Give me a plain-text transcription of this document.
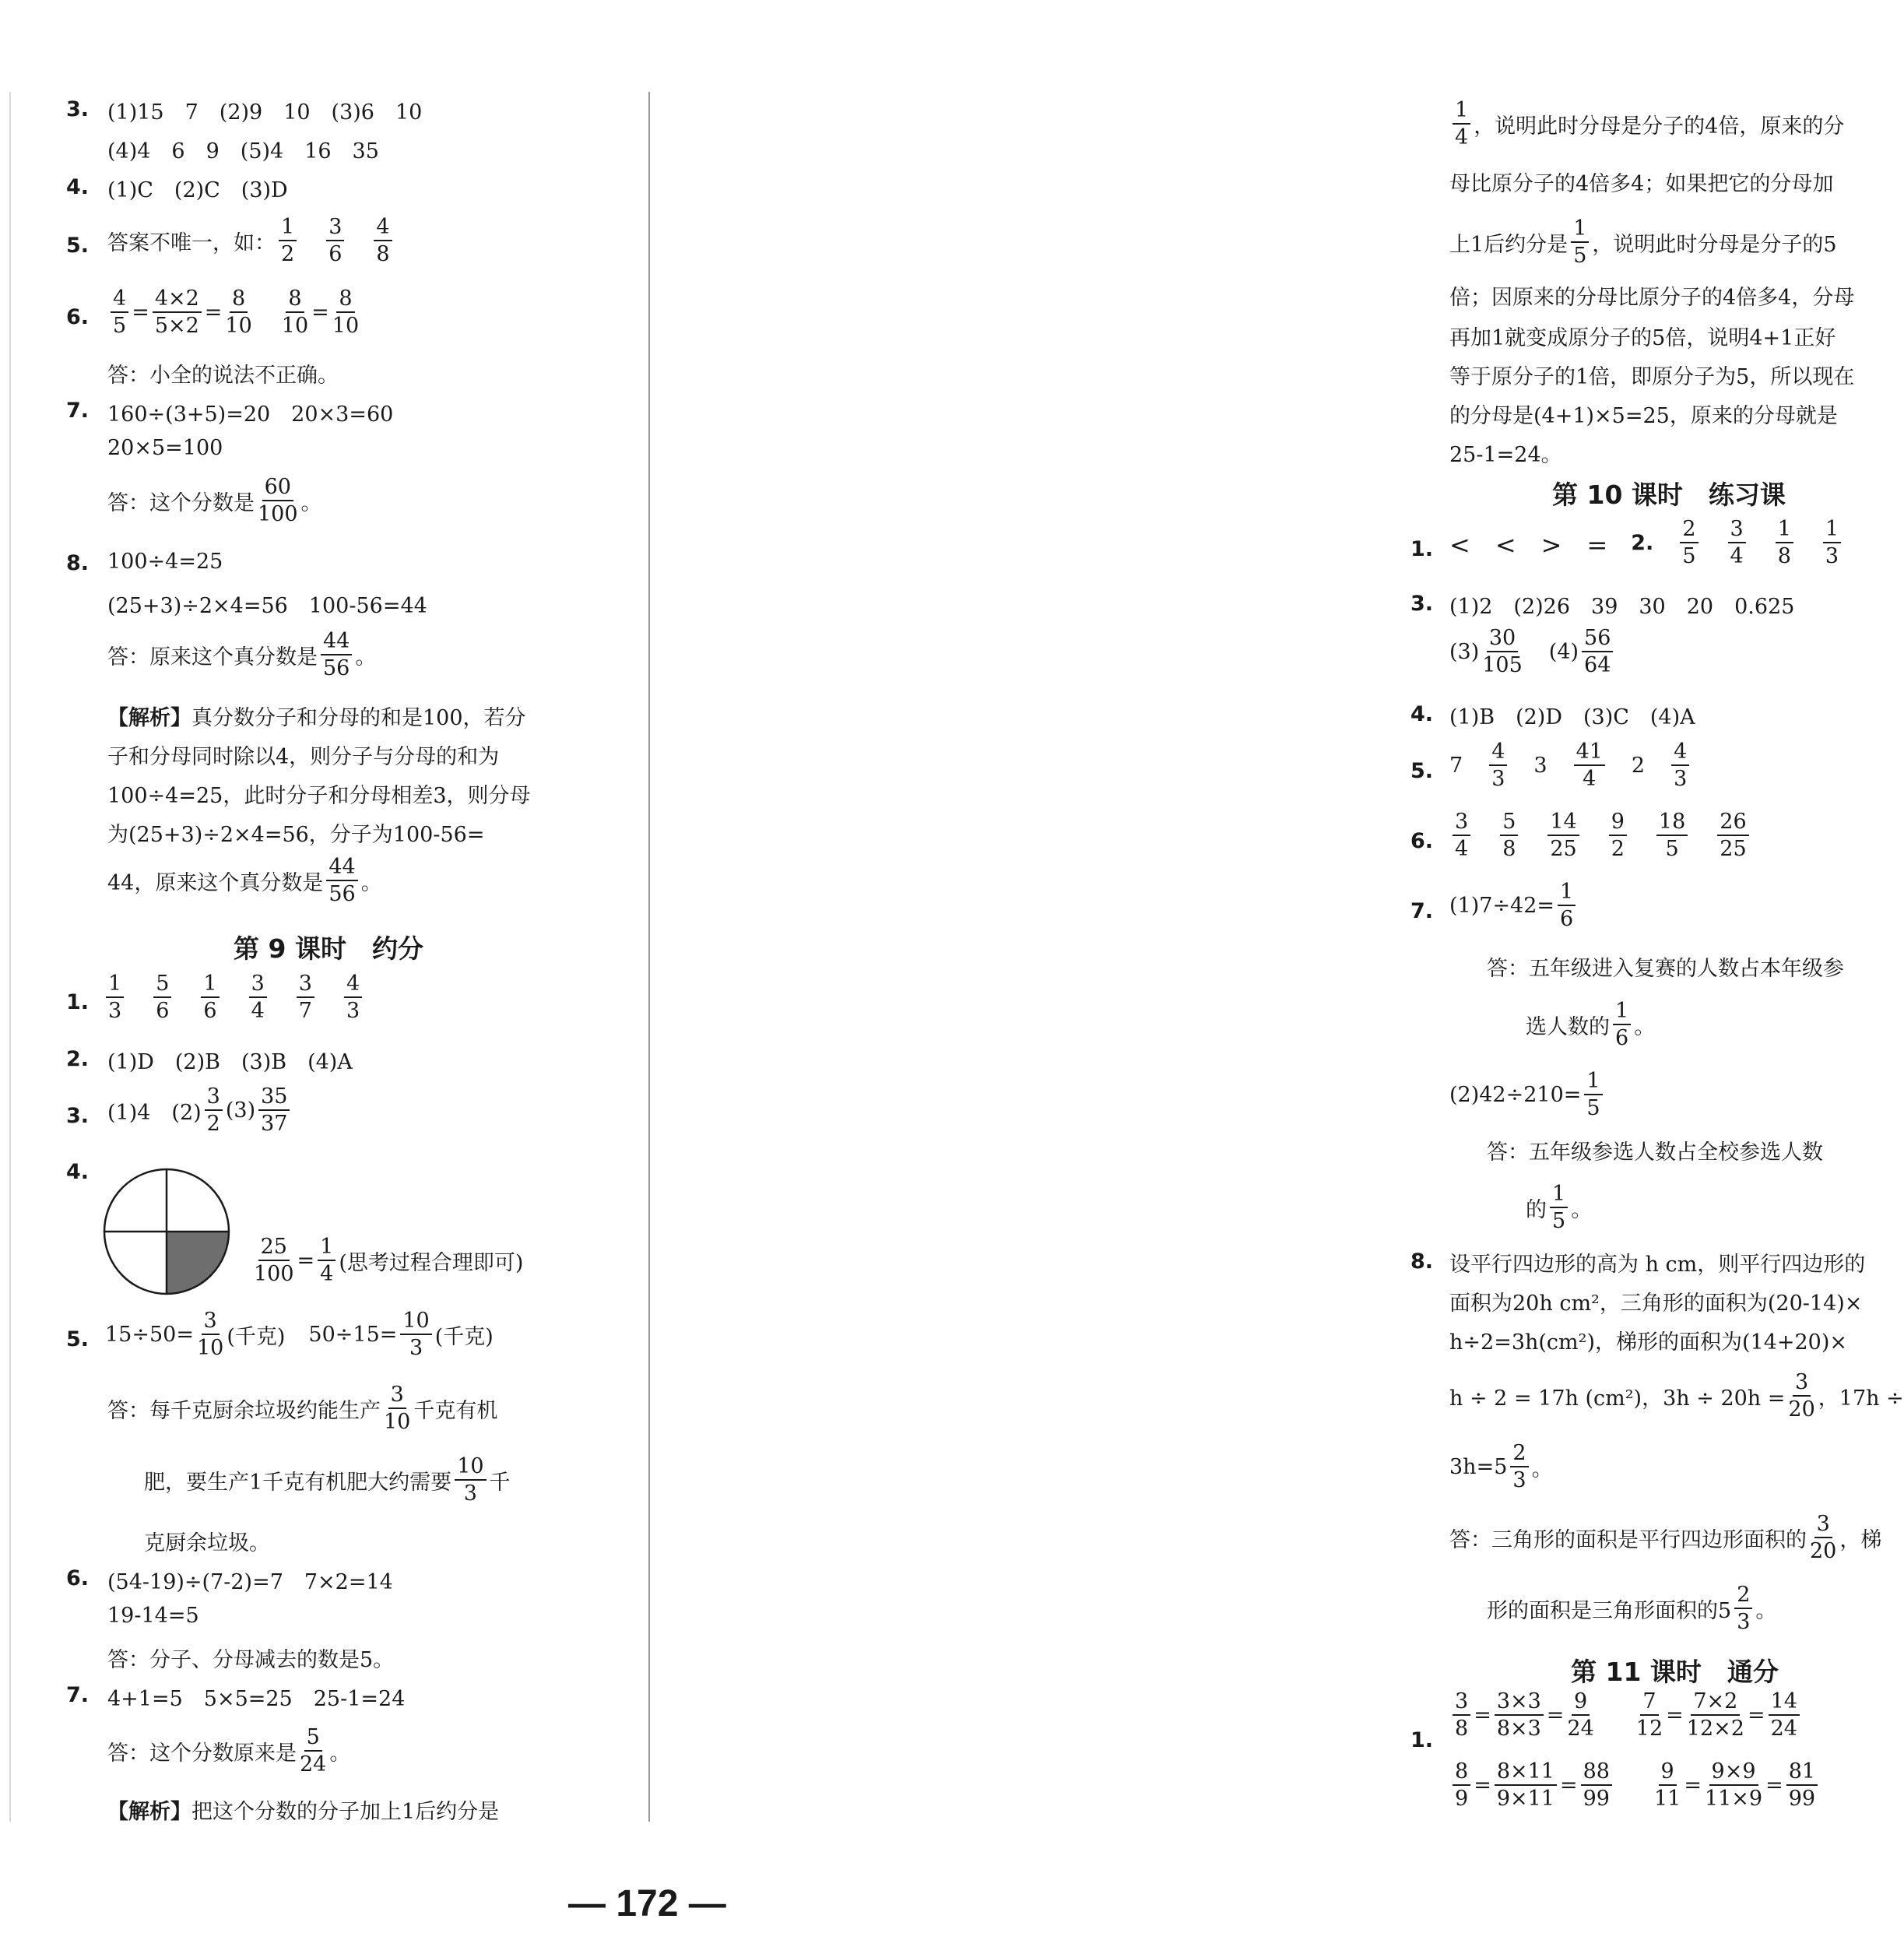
3. (1)15　7　(2)9　10　(3)6　10
(4)4　6　9　(5)4　16　35
4. (1)C　(2)C　(3)D
5. 答案不唯一，如：
1
2
3
6
4
8
6.
4
5
=
4×2
5×2
=
8
10
8
10
=
8
10
答：小全的说法不正确。
7. 160÷(3+5)=20　20×3=60
20×5=100
答：这个分数是
60
100 。
8. 100÷4=25
(25+3)÷2×4=56　100-56=44
答：原来这个真分数是
44
56 。
【解析】 真分数分子和分母的和是100，若分
子和分母同时除以4，则分子与分母的和为
100÷4=25，此时分子和分母相差3，则分母
为(25+3)÷2×4=56，分子为100-56=
44，原来这个真分数是
44
56 。
第 9 课时　约分
1.
1
3
5
6
1
6
3
4
3
7
4
3
2. (1)D　(2)B　(3)B　(4)A
3. (1)4　(2)
3
2
(3)
35
37
4.
25
100
=
1
4 (思考过程合理即可)
5. $15\div 50= \frac{3}{10}$ (千克) $50\div 15= \frac{10}{3}$ (千克)
答：每千克厨余垃圾约能生产
3
10 千克有机
肥，要生产1千克有机肥大约需要
10
3 千
克厨余垃圾。
6. (54-19)÷(7-2)=7　7×2=14
19-14=5
答：分子、分母减去的数是5。
7. 4+1=5　5×5=25　25-1=24
答：这个分数原来是
5
24 。
【解析】 把这个分数的分子加上1后约分是
1
4 ，说明此时分母是分子的4倍，原来的分
母比原分子的4倍多4；如果把它的分母加
上1后约分是
1
5 ，说明此时分母是分子的5
倍；因原来的分母比原分子的4倍多4，分母
再加1就变成原分子的5倍，说明4+1正好
等于原分子的1倍，即原分子为5，所以现在
的分母是(4+1)×5=25，原来的分母就是
25-1=24。
第 10 课时　练习课
1. <　<　>　= 2.
2
5
3
4
1
8
1
3
3. (1)2　(2)26　39　30　20　0.625
(3)
30
105
(4)
56
64
4. (1)B　(2)D　(3)C　(4)A
5. 7
4
3
3
41
4
2
4
3
6.
3
4
5
8
14
25
9
2
18
5
26
25
7. $(1)7\div 42= \frac{1}{6}$
答：五年级进入复赛的人数占本年级参
选人数的
1
6 。
$(2)42\div 210= \frac{1}{5}$
答：五年级参选人数占全校参选人数
的
1
5 。
8. 设平行四边形的高为 h cm，则平行四边形的
面积为20h cm²，三角形的面积为(20-14)×
h÷2=3h(cm²)，梯形的面积为(14+20)×
h ÷ 2 = 17h (cm²)，$3h \div 20h = \frac{3}{20}$ ，17h ÷
3h=5
2
3 。
答：三角形的面积是平行四边形面积的
3
20 ，梯
形的面积是三角形面积的5
2
3 。
第 11 课时　通分
1.
3
8
=
3×3
8×3
=
9
24
7
12
=
7×2
12×2
=
14
24
8
9
=
8×11
9×11
=
88
99
9
11
=
9×9
11×9
=
81
99
— 172 —
